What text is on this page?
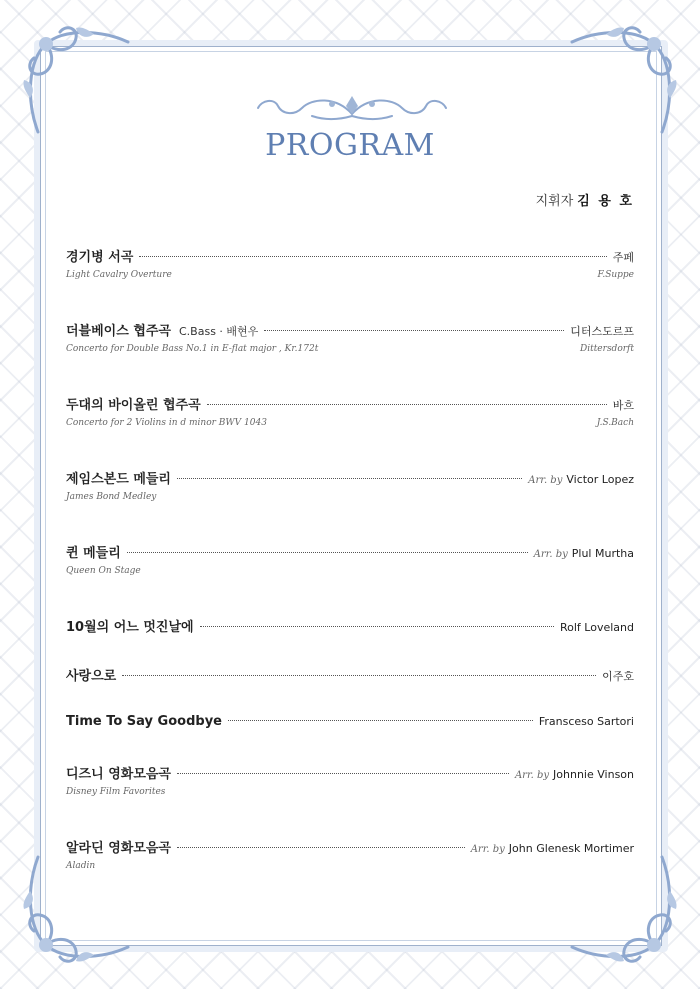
PROGRAM
지휘자 김 용 호
경기병 서곡	주페
Light Cavalry Overture	F.Suppe
더블베이스 협주곡 C.Bass · 배현우	디터스도르프
Concerto for Double Bass No.1 in E-flat major , Kr.172t	Dittersdorft
두대의 바이올린 협주곡	바흐
Concerto for 2 Violins in d minor BWV 1043	J.S.Bach
제임스본드 메들리	Arr. by Victor Lopez
James Bond Medley
퀸 메들리	Arr. by Plul Murtha
Queen On Stage
10월의 어느 멋진날에	Rolf Loveland
사랑으로	이주호
Time To Say Goodbye	Fransceso Sartori
디즈니 영화모음곡	Arr. by Johnnie Vinson
Disney Film Favorites
알라딘 영화모음곡	Arr. by John Glenesk Mortimer
Aladin
